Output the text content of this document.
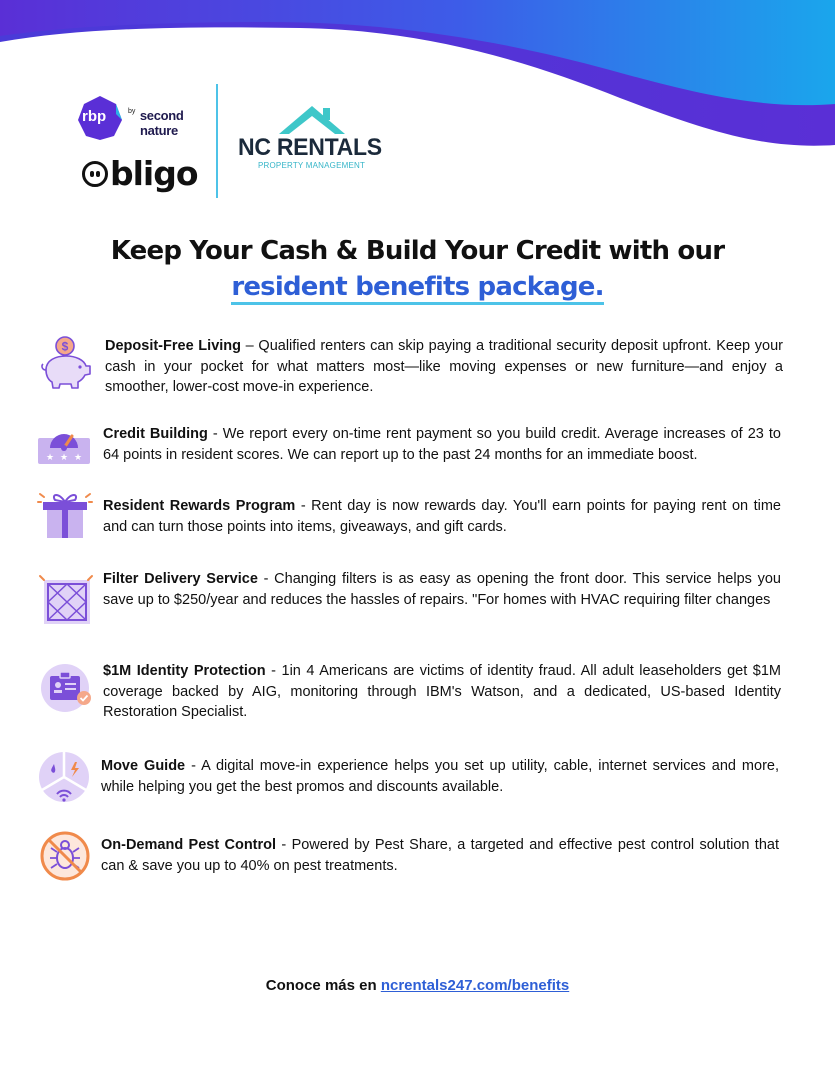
rbp	$^{by}$ second
nature
bligo
NC RENTALS
PROPERTY MANAGEMENT
Keep Your Cash & Build Your Credit with our
resident benefits package.
$	Deposit-Free Living – Qualified renters can skip paying a traditional security deposit upfront. Keep your cash in your pocket for what matters most—like moving expenses or new furniture—and enjoy a smoother, lower-cost move-in experience.
★ ★ ★
Credit Building - We report every on-time rent payment so you build credit. Average increases of 23 to 64 points in resident scores. We can report up to the past 24 months for an immediate boost.
Resident Rewards Program - Rent day is now rewards day. You'll earn points for paying rent on time and can turn those points into items, giveaways, and gift cards.
Filter Delivery Service - Changing filters is as easy as opening the front door. This service helps you save up to $250/year and reduces the hassles of repairs. "For homes with HVAC requiring filter changes
$1M Identity Protection - 1in 4 Americans are victims of identity fraud. All adult leaseholders get $1M coverage backed by AIG, monitoring through IBM's Watson, and a dedicated, US-based Identity Restoration Specialist.
Move Guide - A digital move-in experience helps you set up utility, cable, internet services and more, while helping you get the best promos and discounts available.
On-Demand Pest Control - Powered by Pest Share, a targeted and effective pest control solution that can & save you up to 40% on pest treatments.
Conoce más en ncrentals247.com/benefits
